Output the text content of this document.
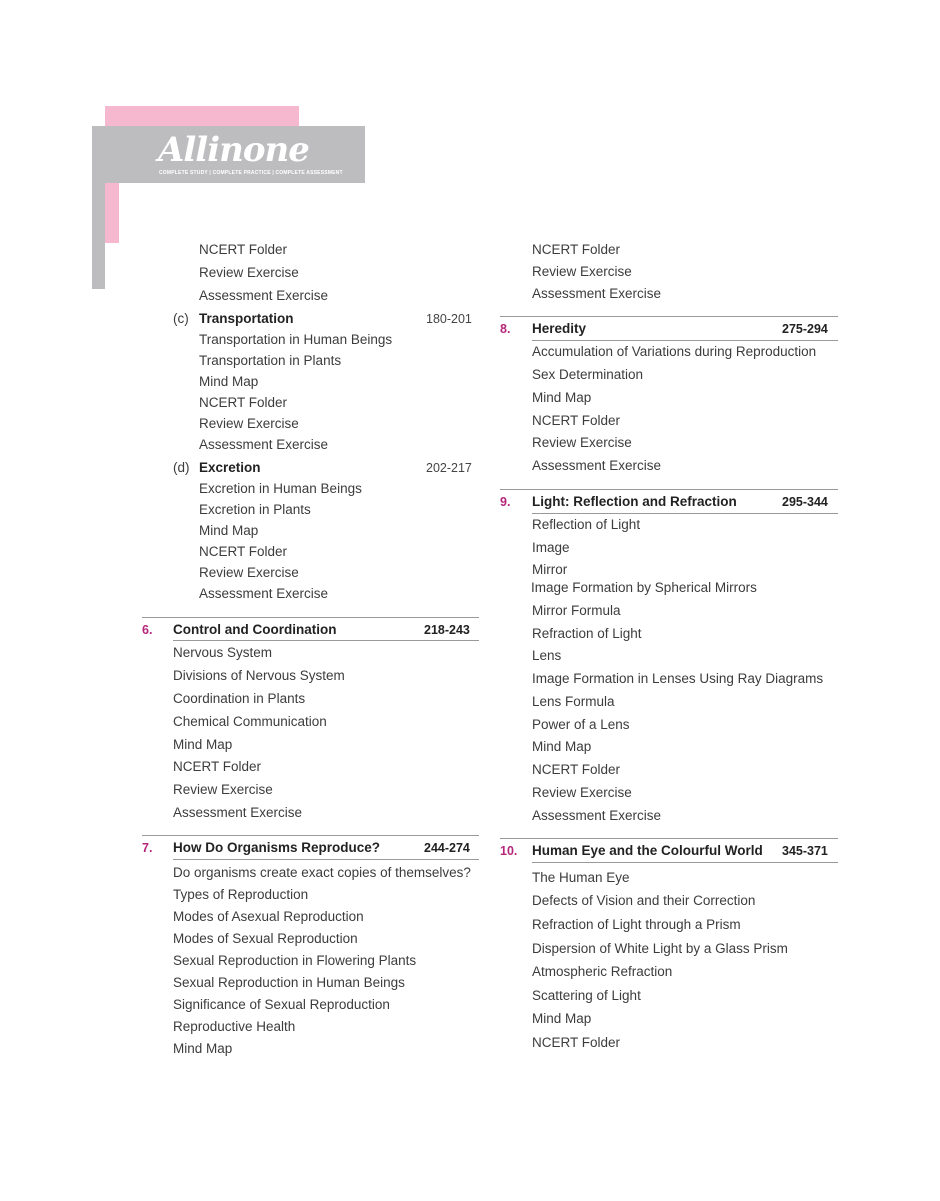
Allinone
COMPLETE STUDY | COMPLETE PRACTICE | COMPLETE ASSESSMENT
NCERT Folder
Review Exercise
Assessment Exercise
(c) Transportation	180-201
Transportation in Human Beings
Transportation in Plants
Mind Map
NCERT Folder
Review Exercise
Assessment Exercise
(d) Excretion	202-217
Excretion in Human Beings
Excretion in Plants
Mind Map
NCERT Folder
Review Exercise
Assessment Exercise
6. Control and Coordination	218-243
Nervous System
Divisions of Nervous System
Coordination in Plants
Chemical Communication
Mind Map
NCERT Folder
Review Exercise
Assessment Exercise
7. How Do Organisms Reproduce?	244-274
Do organisms create exact copies of themselves?
Types of Reproduction
Modes of Asexual Reproduction
Modes of Sexual Reproduction
Sexual Reproduction in Flowering Plants
Sexual Reproduction in Human Beings
Significance of Sexual Reproduction
Reproductive Health
Mind Map
NCERT Folder
Review Exercise
Assessment Exercise
8. Heredity	275-294
Accumulation of Variations during Reproduction
Sex Determination
Mind Map
NCERT Folder
Review Exercise
Assessment Exercise
9. Light: Reflection and Refraction	295-344
Reflection of Light
Image
Mirror
Image Formation by Spherical Mirrors
Mirror Formula
Refraction of Light
Lens
Image Formation in Lenses Using Ray Diagrams
Lens Formula
Power of a Lens
Mind Map
NCERT Folder
Review Exercise
Assessment Exercise
10. Human Eye and the Colourful World 345-371
The Human Eye
Defects of Vision and their Correction
Refraction of Light through a Prism
Dispersion of White Light by a Glass Prism
Atmospheric Refraction
Scattering of Light
Mind Map
NCERT Folder
